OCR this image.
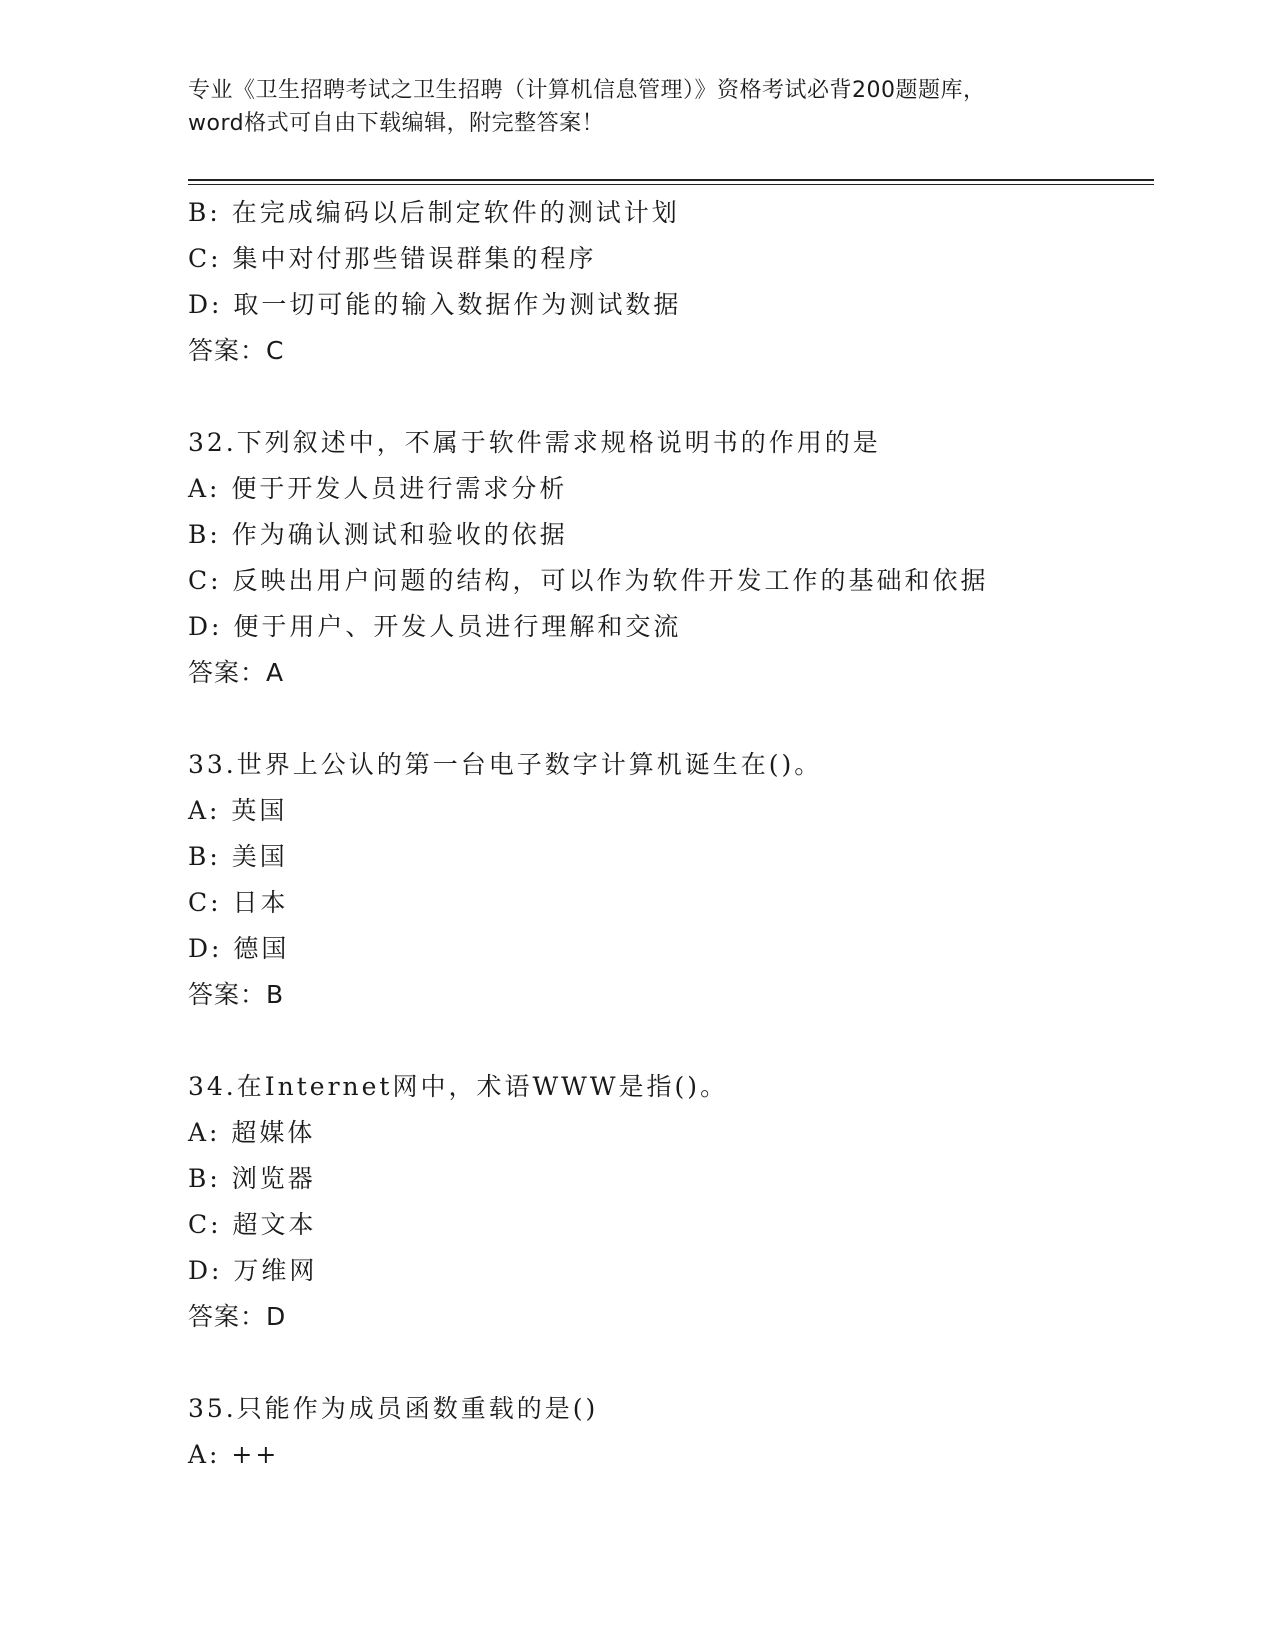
专业《卫生招聘考试之卫生招聘（计算机信息管理）》资格考试必背200题题库，
word格式可自由下载编辑，附完整答案！
B: 在完成编码以后制定软件的测试计划
C: 集中对付那些错误群集的程序
D: 取一切可能的输入数据作为测试数据
答案：C
32.下列叙述中，不属于软件需求规格说明书的作用的是
A: 便于开发人员进行需求分析
B: 作为确认测试和验收的依据
C: 反映出用户问题的结构，可以作为软件开发工作的基础和依据
D: 便于用户、开发人员进行理解和交流
答案：A
33.世界上公认的第一台电子数字计算机诞生在()。
A: 英国
B: 美国
C: 日本
D: 德国
答案：B
34.在Internet网中，术语WWW是指()。
A: 超媒体
B: 浏览器
C: 超文本
D: 万维网
答案：D
35.只能作为成员函数重载的是()
A: ++
